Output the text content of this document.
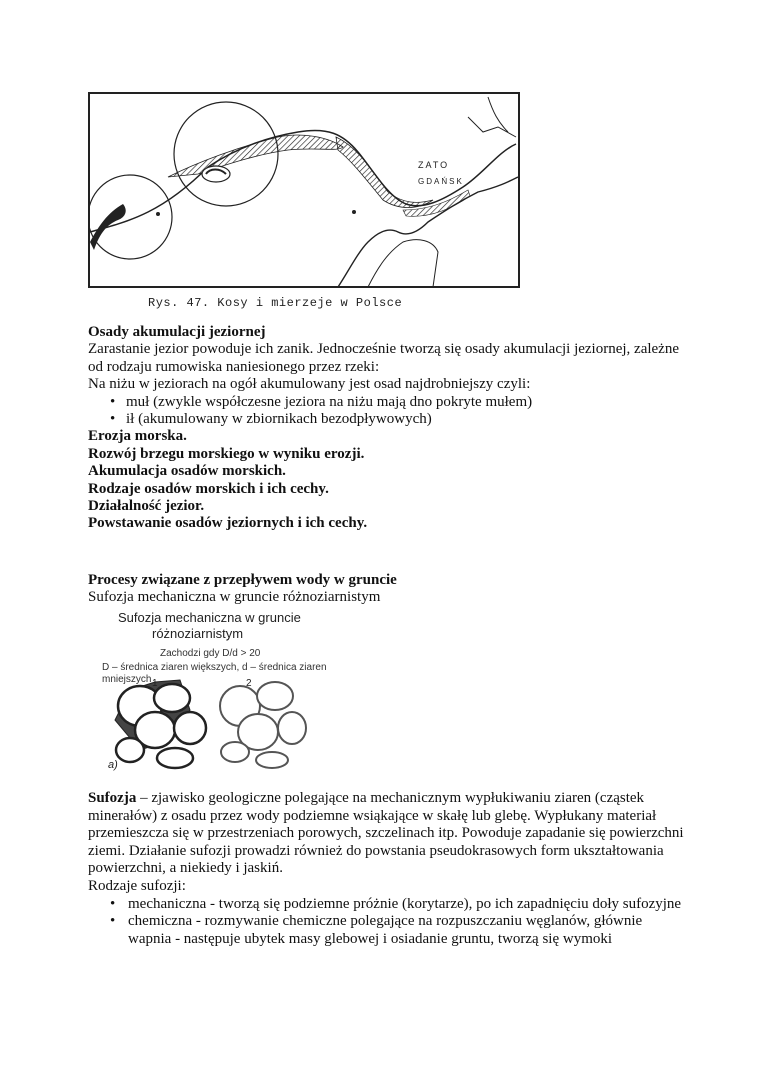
ZATO
GDAŃSK
Rys. 47. Kosy i mierzeje w Polsce

Osady akumulacji jeziornej

Zarastanie jezior powoduje ich zanik. Jednocześnie tworzą się osady akumulacji jeziornej, zależne od rodzaju rumowiska naniesionego przez rzeki:

Na niżu w jeziorach na ogół akumulowany jest osad najdrobniejszy czyli:

• muł (zwykle współczesne jeziora na niżu mają dno pokryte mułem)
• ił (akumulowany w zbiornikach bezodpływowych)

Erozja morska.

Rozwój brzegu morskiego w wyniku erozji.

Akumulacja osadów morskich.

Rodzaje osadów morskich i ich cechy.

Działalność jezior.

Powstawanie osadów jeziornych i ich cechy.

Procesy związane z przepływem wody w gruncie
Sufozja mechaniczna w gruncie różnoziarnistym
a)
1	2
Sufozja mechaniczna w gruncie
różnoziarnistym
Zachodzi gdy D/d > 20
D – średnica ziaren większych, d – średnica ziaren mniejszych

Sufozja – zjawisko geologiczne polegające na mechanicznym wypłukiwaniu ziaren (cząstek minerałów) z osadu przez wody podziemne wsiąkające w skałę lub glebę. Wypłukany materiał przemieszcza się w przestrzeniach porowych, szczelinach itp. Powoduje zapadanie się powierzchni ziemi. Działanie sufozji prowadzi również do powstania pseudokrasowych form ukształtowania powierzchni, a niekiedy i jaskiń.

Rodzaje sufozji:

• mechaniczna - tworzą się podziemne próżnie (korytarze), po ich zapadnięciu doły sufozyjne
• chemiczna - rozmywanie chemiczne polegające na rozpuszczaniu węglanów, głównie wapnia - następuje ubytek masy glebowej i osiadanie gruntu, tworzą się wymoki
